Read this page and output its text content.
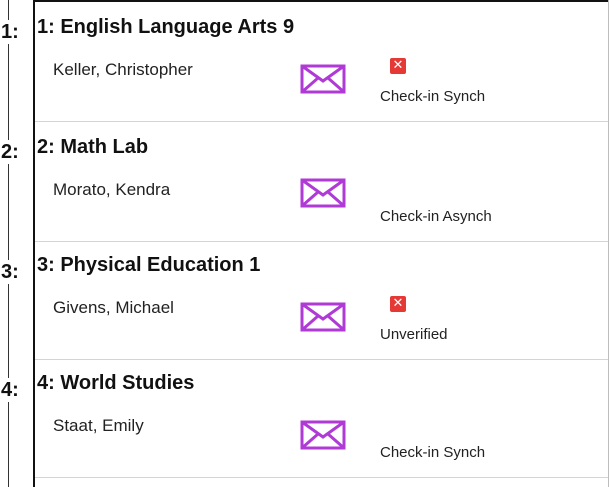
1:
2:
3:
4:
1: English Language Arts 9
Keller, Christopher	✕
Check-in Synch
2: Math Lab
Morato, Kendra
Check-in Asynch
3: Physical Education 1
Givens, Michael	✕
Unverified
4: World Studies
Staat, Emily
Check-in Synch
